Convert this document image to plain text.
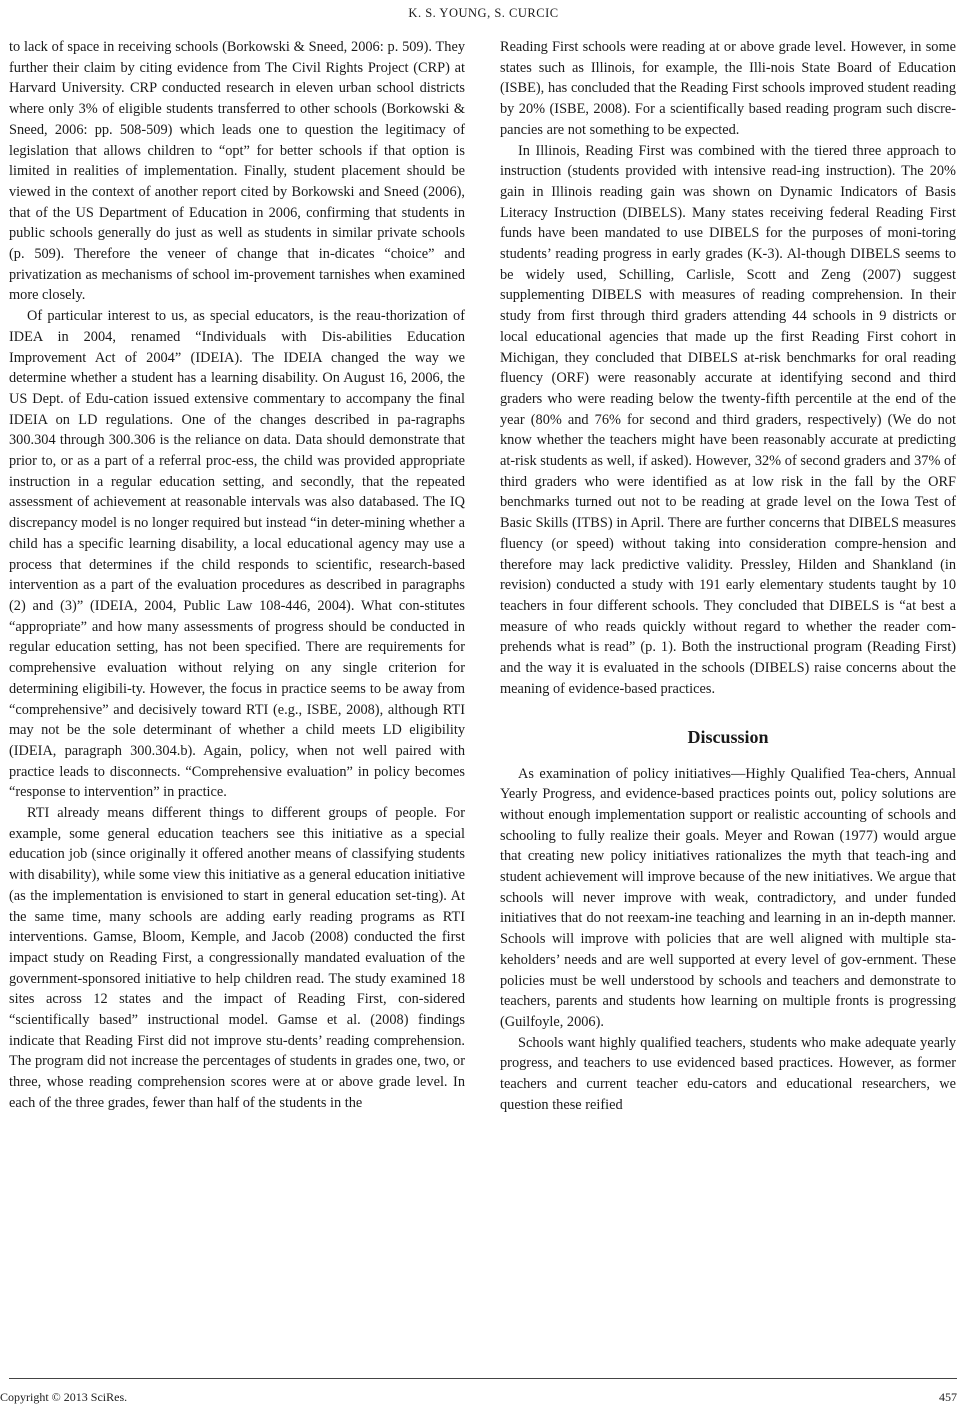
K. S. YOUNG, S. CURCIC

to lack of space in receiving schools (Borkowski & Sneed, 2006: p. 509). They further their claim by citing evidence from The Civil Rights Project (CRP) at Harvard University. CRP conducted research in eleven urban school districts where only 3% of eligible students transferred to other schools (Borkowski & Sneed, 2006: pp. 508-509) which leads one to question the legitimacy of legislation that allows children to “opt” for better schools if that option is limited in realities of implementation. Finally, student placement should be viewed in the context of another report cited by Borkowski and Sneed (2006), that of the US Department of Education in 2006, confirming that students in public schools generally do just as well as students in similar private schools (p. 509). Therefore the veneer of change that in-dicates “choice” and privatization as mechanisms of school im-provement tarnishes when examined more closely.

Of particular interest to us, as special educators, is the reau-thorization of IDEA in 2004, renamed “Individuals with Dis-abilities Education Improvement Act of 2004” (IDEIA). The IDEIA changed the way we determine whether a student has a learning disability. On August 16, 2006, the US Dept. of Edu-cation issued extensive commentary to accompany the final IDEIA on LD regulations. One of the changes described in pa-ragraphs 300.304 through 300.306 is the reliance on data. Data should demonstrate that prior to, or as a part of a referral proc-ess, the child was provided appropriate instruction in a regular education setting, and secondly, that the repeated assessment of achievement at reasonable intervals was also databased. The IQ discrepancy model is no longer required but instead “in deter-mining whether a child has a specific learning disability, a local educational agency may use a process that determines if the child responds to scientific, research-based intervention as a part of the evaluation procedures as described in paragraphs (2) and (3)” (IDEIA, 2004, Public Law 108-446, 2004). What con-stitutes “appropriate” and how many assessments of progress should be conducted in regular education setting, has not been specified. There are requirements for comprehensive evaluation without relying on any single criterion for determining eligibili-ty. However, the focus in practice seems to be away from “comprehensive” and decisively toward RTI (e.g., ISBE, 2008), although RTI may not be the sole determinant of whether a child meets LD eligibility (IDEIA, paragraph 300.304.b). Again, policy, when not well paired with practice leads to disconnects. “Comprehensive evaluation” in policy becomes “response to intervention” in practice.

RTI already means different things to different groups of people. For example, some general education teachers see this initiative as a special education job (since originally it offered another means of classifying students with disability), while some view this initiative as a general education initiative (as the implementation is envisioned to start in general education set-ting). At the same time, many schools are adding early reading programs as RTI interventions. Gamse, Bloom, Kemple, and Jacob (2008) conducted the first impact study on Reading First, a congressionally mandated evaluation of the government-sponsored initiative to help children read. The study examined 18 sites across 12 states and the impact of Reading First, con-sidered “scientifically based” instructional model. Gamse et al. (2008) findings indicate that Reading First did not improve stu-dents’ reading comprehension. The program did not increase the percentages of students in grades one, two, or three, whose reading comprehension scores were at or above grade level. In each of the three grades, fewer than half of the students in the

Reading First schools were reading at or above grade level. However, in some states such as Illinois, for example, the Illi-nois State Board of Education (ISBE), has concluded that the Reading First schools improved student reading by 20% (ISBE, 2008). For a scientifically based reading program such discre-pancies are not something to be expected.

In Illinois, Reading First was combined with the tiered three approach to instruction (students provided with intensive read-ing instruction). The 20% gain in Illinois reading gain was shown on Dynamic Indicators of Basis Literacy Instruction (DIBELS). Many states receiving federal Reading First funds have been mandated to use DIBELS for the purposes of moni-toring students’ reading progress in early grades (K-3). Al-though DIBELS seems to be widely used, Schilling, Carlisle, Scott and Zeng (2007) suggest supplementing DIBELS with measures of reading comprehension. In their study from first through third graders attending 44 schools in 9 districts or local educational agencies that made up the first Reading First cohort in Michigan, they concluded that DIBELS at-risk benchmarks for oral reading fluency (ORF) were reasonably accurate at identifying second and third graders who were reading below the twenty-fifth percentile at the end of the year (80% and 76% for second and third graders, respectively) (We do not know whether the teachers might have been reasonably accurate at predicting at-risk students as well, if asked). However, 32% of second graders and 37% of third graders who were identified as at low risk in the fall by the ORF benchmarks turned out not to be reading at grade level on the Iowa Test of Basic Skills (ITBS) in April. There are further concerns that DIBELS measures fluency (or speed) without taking into consideration compre-hension and therefore may lack predictive validity. Pressley, Hilden and Shankland (in revision) conducted a study with 191 early elementary students taught by 10 teachers in four different schools. They concluded that DIBELS is “at best a measure of who reads quickly without regard to whether the reader com-prehends what is read” (p. 1). Both the instructional program (Reading First) and the way it is evaluated in the schools (DIBELS) raise concerns about the meaning of evidence-based practices.

Discussion

As examination of policy initiatives—Highly Qualified Tea-chers, Annual Yearly Progress, and evidence-based practices points out, policy solutions are without enough implementation support or realistic accounting of schools and schooling to fully realize their goals. Meyer and Rowan (1977) would argue that creating new policy initiatives rationalizes the myth that teach-ing and student achievement will improve because of the new initiatives. We argue that schools will never improve with weak, contradictory, and under funded initiatives that do not reexam-ine teaching and learning in an in-depth manner. Schools will improve with policies that are well aligned with multiple sta-keholders’ needs and are well supported at every level of gov-ernment. These policies must be well understood by schools and teachers and demonstrate to teachers, parents and students how learning on multiple fronts is progressing (Guilfoyle, 2006).

Schools want highly qualified teachers, students who make adequate yearly progress, and teachers to use evidenced based practices. However, as former teachers and current teacher edu-cators and educational researchers, we question these reified

Copyright © 2013 SciRes.	457
